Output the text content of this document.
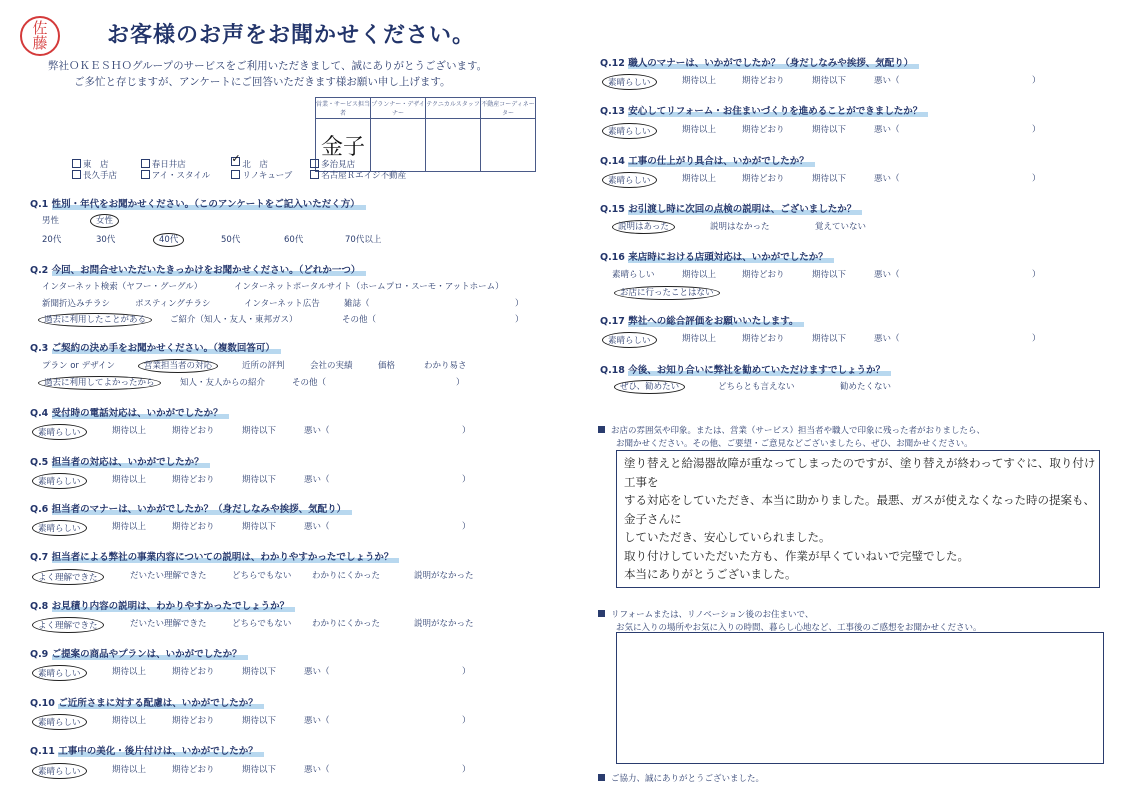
佐
藤	お客様のお声をお聞かせください。
弊社ＯＫＥＳＨＯグループのサービスをご利用いただきまして、誠にありがとうございます。
ご多忙と存じますが、アンケートにご回答いただきます様お願い申し上げます。
営業・サービス担当者	プランナー・デザイナー	テクニカルスタッフ	不動産コーディネーター
金子			
東　店	春日井店 ✓	北　店	多治見店
長久手店	アイ・スタイル	リノキューブ	名古屋Ｒエイジ不動産
Q.1 性別・年代をお聞かせください。（このアンケートをご記入いただく方）
男性	女性
20代	30代	40代	50代	60代	70代以上
Q.2 今回、お問合せいただいたきっかけをお聞かせください。（どれか一つ）
インターネット検索（ヤフー・グーグル）	インターネットポータルサイト（ホームプロ・スーモ・アットホーム）
新聞折込みチラシ	ポスティングチラシ	インターネット広告	雑誌（	）
過去に利用したことがある	ご紹介（知人・友人・東邦ガス）	その他（	）
Q.3 ご契約の決め手をお聞かせください。（複数回答可）
プラン or デザイン	営業担当者の対応	近所の評判	会社の実績	価格	わかり易さ
過去に利用してよかったから	知人・友人からの紹介	その他（	）
Q.4 受付時の電話対応は、いかがでしたか？
素晴らしい	期待以上	期待どおり	期待以下	悪い（	）
Q.5 担当者の対応は、いかがでしたか？
素晴らしい	期待以上	期待どおり	期待以下	悪い（	）
Q.6 担当者のマナーは、いかがでしたか？（身だしなみや挨拶、気配り）
素晴らしい	期待以上	期待どおり	期待以下	悪い（	）
Q.7 担当者による弊社の事業内容についての説明は、わかりやすかったでしょうか？
よく理解できた	だいたい理解できた	どちらでもない わかりにくかった	説明がなかった
Q.8 お見積り内容の説明は、わかりやすかったでしょうか？
よく理解できた	だいたい理解できた	どちらでもない わかりにくかった	説明がなかった
Q.9 ご提案の商品やプランは、いかがでしたか？
素晴らしい	期待以上	期待どおり	期待以下	悪い（	）
Q.10 ご近所さまに対する配慮は、いかがでしたか？
素晴らしい	期待以上	期待どおり	期待以下	悪い（	）
Q.11 工事中の美化・後片付けは、いかがでしたか？
素晴らしい	期待以上	期待どおり	期待以下	悪い（	）
Q.12 職人のマナーは、いかがでしたか？（身だしなみや挨拶、気配り）
素晴らしい	期待以上	期待どおり	期待以下	悪い（	）
Q.13 安心してリフォーム・お住まいづくりを進めることができましたか？
素晴らしい	期待以上	期待どおり	期待以下	悪い（	）
Q.14 工事の仕上がり具合は、いかがでしたか？
素晴らしい	期待以上	期待どおり	期待以下	悪い（	）
Q.15 お引渡し時に次回の点検の説明は、ございましたか？
説明はあった	説明はなかった	覚えていない
Q.16 来店時における店頭対応は、いかがでしたか？
素晴らしい	期待以上	期待どおり	期待以下	悪い（	）
お店に行ったことはない
Q.17 弊社への総合評価をお願いいたします。
素晴らしい	期待以上	期待どおり	期待以下	悪い（	）
Q.18 今後、お知り合いに弊社を勧めていただけますでしょうか？
ぜひ、勧めたい	どちらとも言えない	勧めたくない
お店の雰囲気や印象。または、営業（サービス）担当者や職人で印象に残った者がおりましたら、
お聞かせください。その他、ご要望・ご意見などございましたら、ぜひ、お聞かせください。
塗り替えと給湯器故障が重なってしまったのですが、塗り替えが終わってすぐに、取り付け工事を
する対応をしていただき、本当に助かりました。最悪、ガスが使えなくなった時の提案も、金子さんに
していただき、安心していられました。
取り付けしていただいた方も、作業が早くていねいで完璧でした。
本当にありがとうございました。
リフォームまたは、リノベーション後のお住まいで、
お気に入りの場所やお気に入りの時間、暮らし心地など、工事後のご感想をお聞かせください。
ご協力、誠にありがとうございました。
